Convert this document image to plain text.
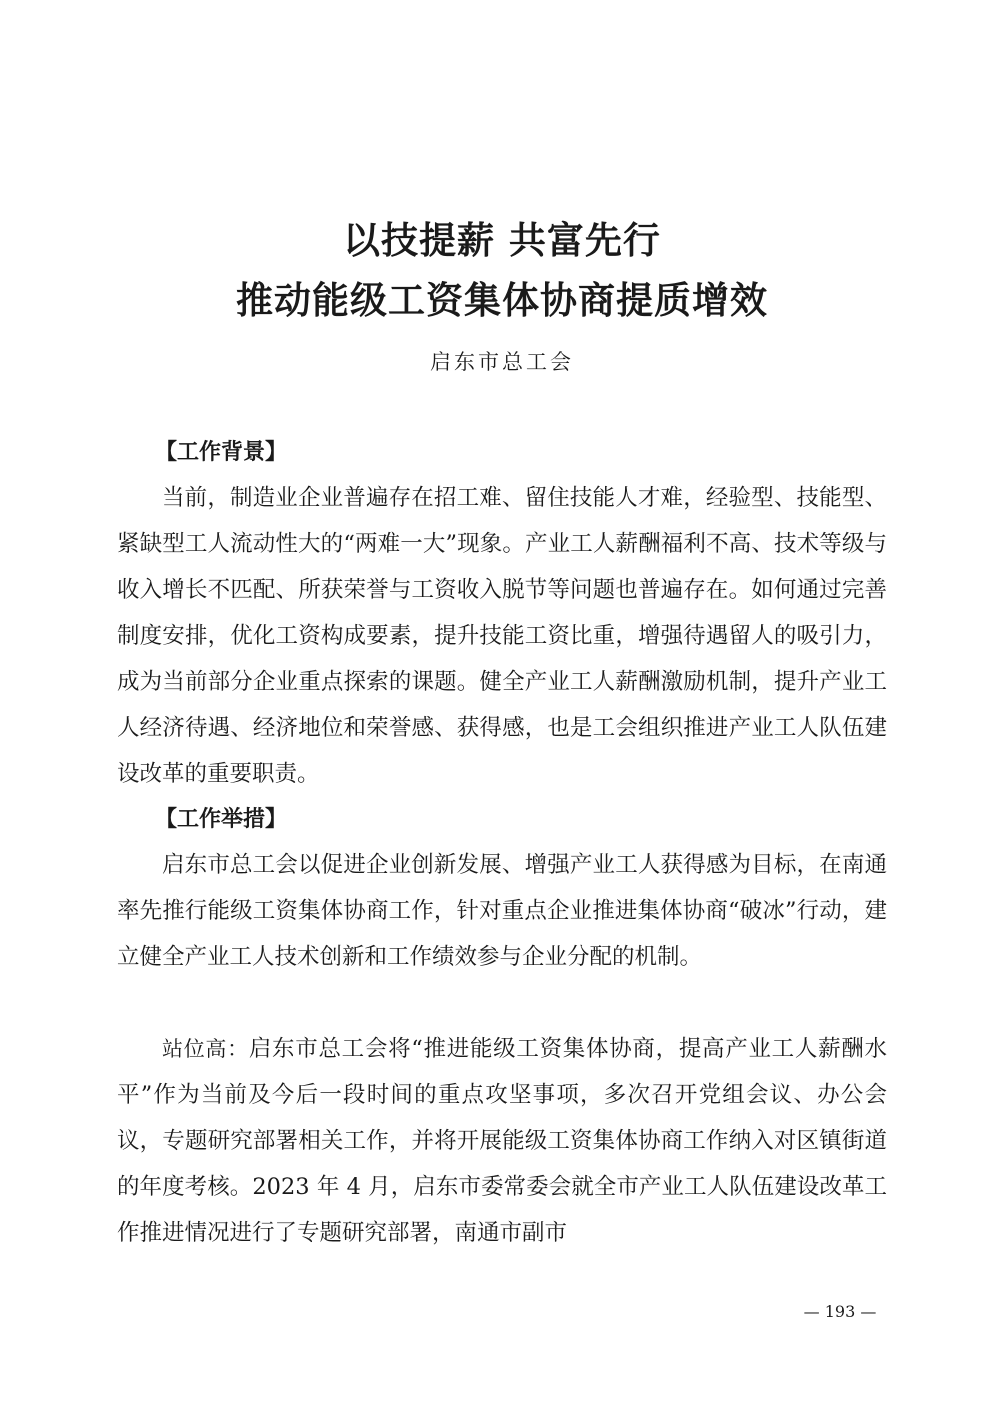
以技提薪 共富先行
推动能级工资集体协商提质增效
启东市总工会
【工作背景】

当前，制造业企业普遍存在招工难、留住技能人才难，经验型、技能型、紧缺型工人流动性大的“两难一大”现象。产业工人薪酬福利不高、技术等级与收入增长不匹配、所获荣誉与工资收入脱节等问题也普遍存在。如何通过完善制度安排，优化工资构成要素，提升技能工资比重，增强待遇留人的吸引力，成为当前部分企业重点探索的课题。健全产业工人薪酬激励机制，提升产业工人经济待遇、经济地位和荣誉感、获得感，也是工会组织推进产业工人队伍建设改革的重要职责。

【工作举措】

启东市总工会以促进企业创新发展、增强产业工人获得感为目标，在南通率先推行能级工资集体协商工作，针对重点企业推进集体协商“破冰”行动，建立健全产业工人技术创新和工作绩效参与企业分配的机制。

站位高：启东市总工会将“推进能级工资集体协商，提高产业工人薪酬水平”作为当前及今后一段时间的重点攻坚事项，多次召开党组会议、办公会议，专题研究部署相关工作，并将开展能级工资集体协商工作纳入对区镇街道的年度考核。2023 年 4 月，启东市委常委会就全市产业工人队伍建设改革工作推进情况进行了专题研究部署，南通市副市

— 193 —
